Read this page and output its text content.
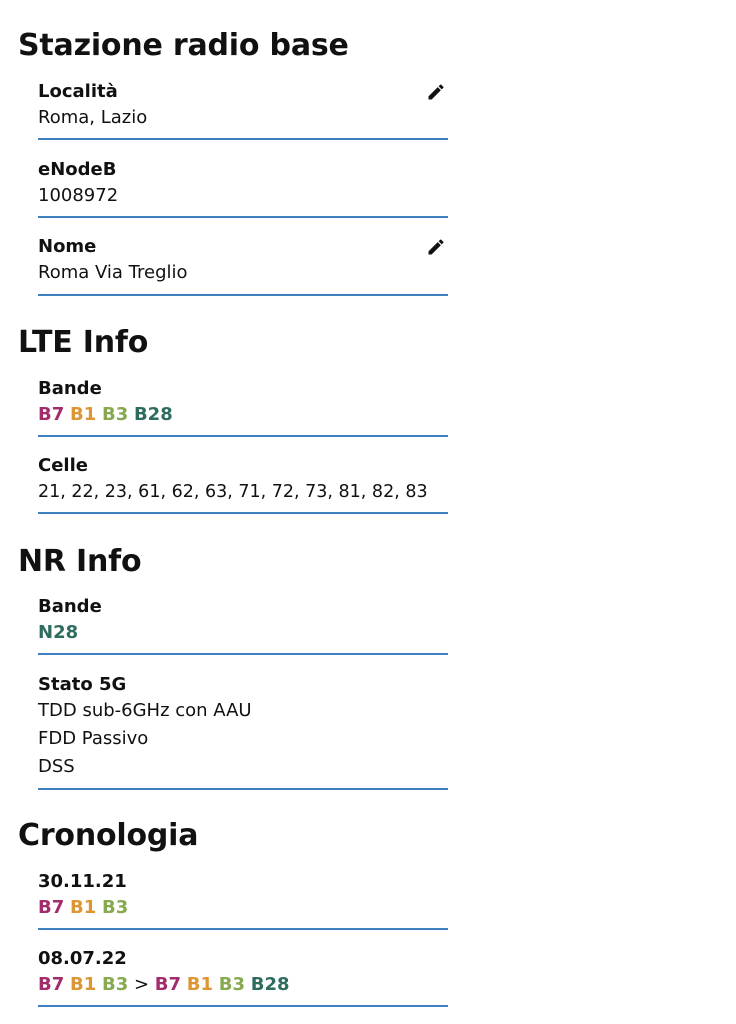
Stazione radio base
Località
Roma, Lazio
eNodeB
1008972
Nome
Roma Via Treglio
LTE Info
Bande
B7 B1 B3 B28
Celle
21, 22, 23, 61, 62, 63, 71, 72, 73, 81, 82, 83
NR Info
Bande
N28
Stato 5G
TDD sub-6GHz con AAU
FDD Passivo
DSS
Cronologia
30.11.21
B7 B1 B3
08.07.22
B7 B1 B3 > B7 B1 B3 B28
